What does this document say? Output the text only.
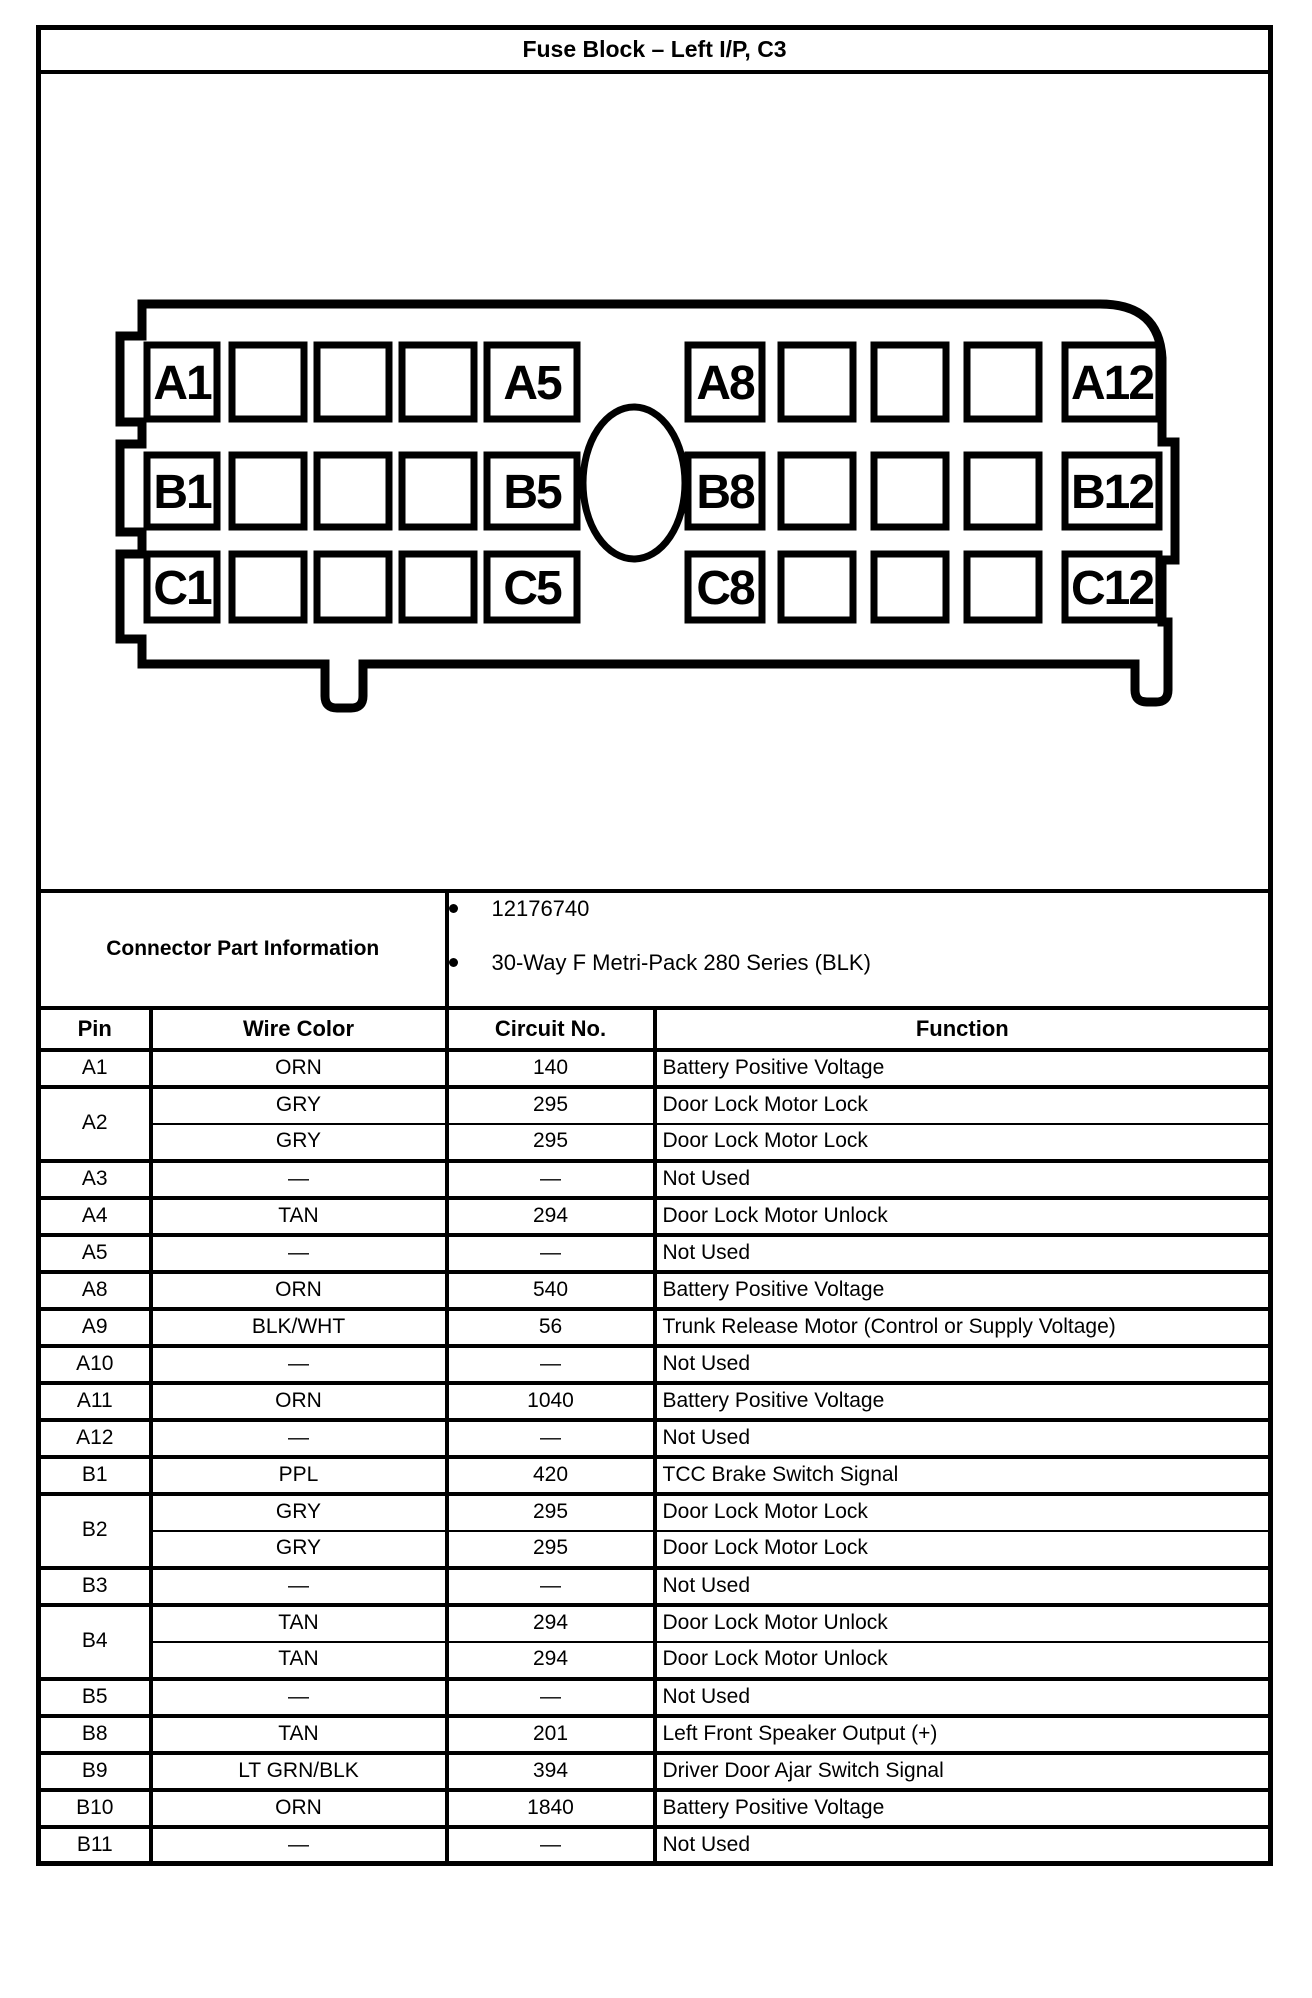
Fuse Block – Left I/P, C3			

A1	A5	A8	A12
B1	B5	B8	B12
C1	C5	C8	C12

Connector Part Information		12176740
30-Way F Metri-Pack 280 Series (BLK)	

Pin	Wire Color	Circuit No.	Function
A1	ORN	140	Battery Positive Voltage
A2	GRY	295	Door Lock Motor Lock
	GRY	295	Door Lock Motor Lock
A3	—	—	Not Used
A4	TAN	294	Door Lock Motor Unlock
A5	—	—	Not Used
A8	ORN	540	Battery Positive Voltage
A9	BLK/WHT	56	Trunk Release Motor (Control or Supply Voltage)
A10	—	—	Not Used
A11	ORN	1040	Battery Positive Voltage
A12	—	—	Not Used
B1	PPL	420	TCC Brake Switch Signal
B2	GRY	295	Door Lock Motor Lock
	GRY	295	Door Lock Motor Lock
B3	—	—	Not Used
B4	TAN	294	Door Lock Motor Unlock
	TAN	294	Door Lock Motor Unlock
B5	—	—	Not Used
B8	TAN	201	Left Front Speaker Output (+)
B9	LT GRN/BLK	394	Driver Door Ajar Switch Signal
B10	ORN	1840	Battery Positive Voltage
B11	—	—	Not Used
